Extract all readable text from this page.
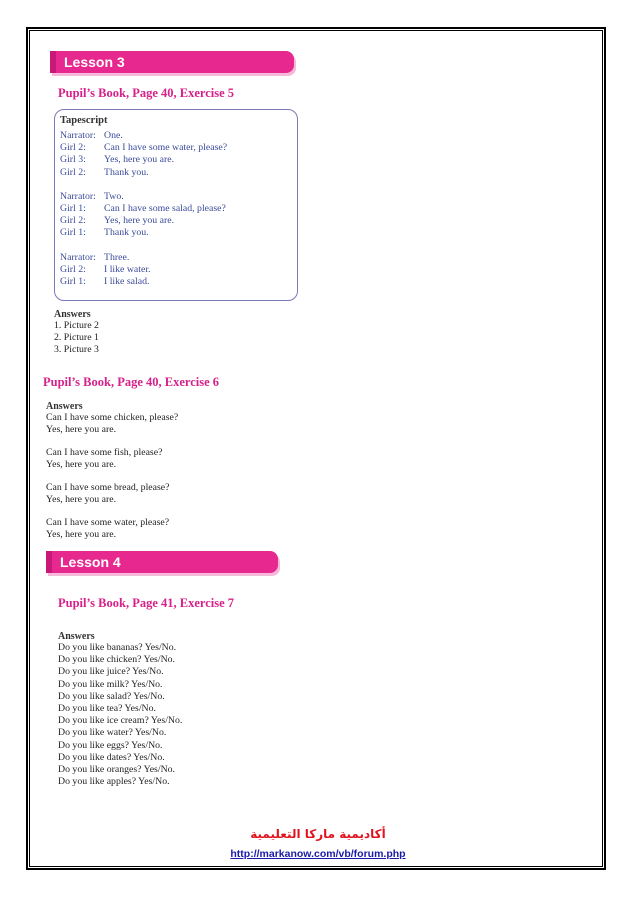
Lesson 3
Pupil’s Book, Page 40, Exercise 5
Tapescript
Narrator: One.
Girl 2:	Can I have some water, please?
Girl 3:	Yes, here you are.
Girl 2:	Thank you.
Narrator: Two.
Girl 1:	Can I have some salad, please?
Girl 2:	Yes, here you are.
Girl 1:	Thank you.
Narrator: Three.
Girl 2:	I like water.
Girl 1:	I like salad.
Answers
1. Picture 2
2. Picture 1
3. Picture 3
Pupil’s Book, Page 40, Exercise 6
Answers
Can I have some chicken, please?
Yes, here you are.
Can I have some fish, please?
Yes, here you are.
Can I have some bread, please?
Yes, here you are.
Can I have some water, please?
Yes, here you are.
Lesson 4
Pupil’s Book, Page 41, Exercise 7
Answers
Do you like bananas? Yes/No.
Do you like chicken? Yes/No.
Do you like juice? Yes/No.
Do you like milk? Yes/No.
Do you like salad? Yes/No.
Do you like tea? Yes/No.
Do you like ice cream? Yes/No.
Do you like water? Yes/No.
Do you like eggs? Yes/No.
Do you like dates? Yes/No.
Do you like oranges? Yes/No.
Do you like apples? Yes/No.
أكاديمية ماركا التعليمية
http://markanow.com/vb/forum.php
